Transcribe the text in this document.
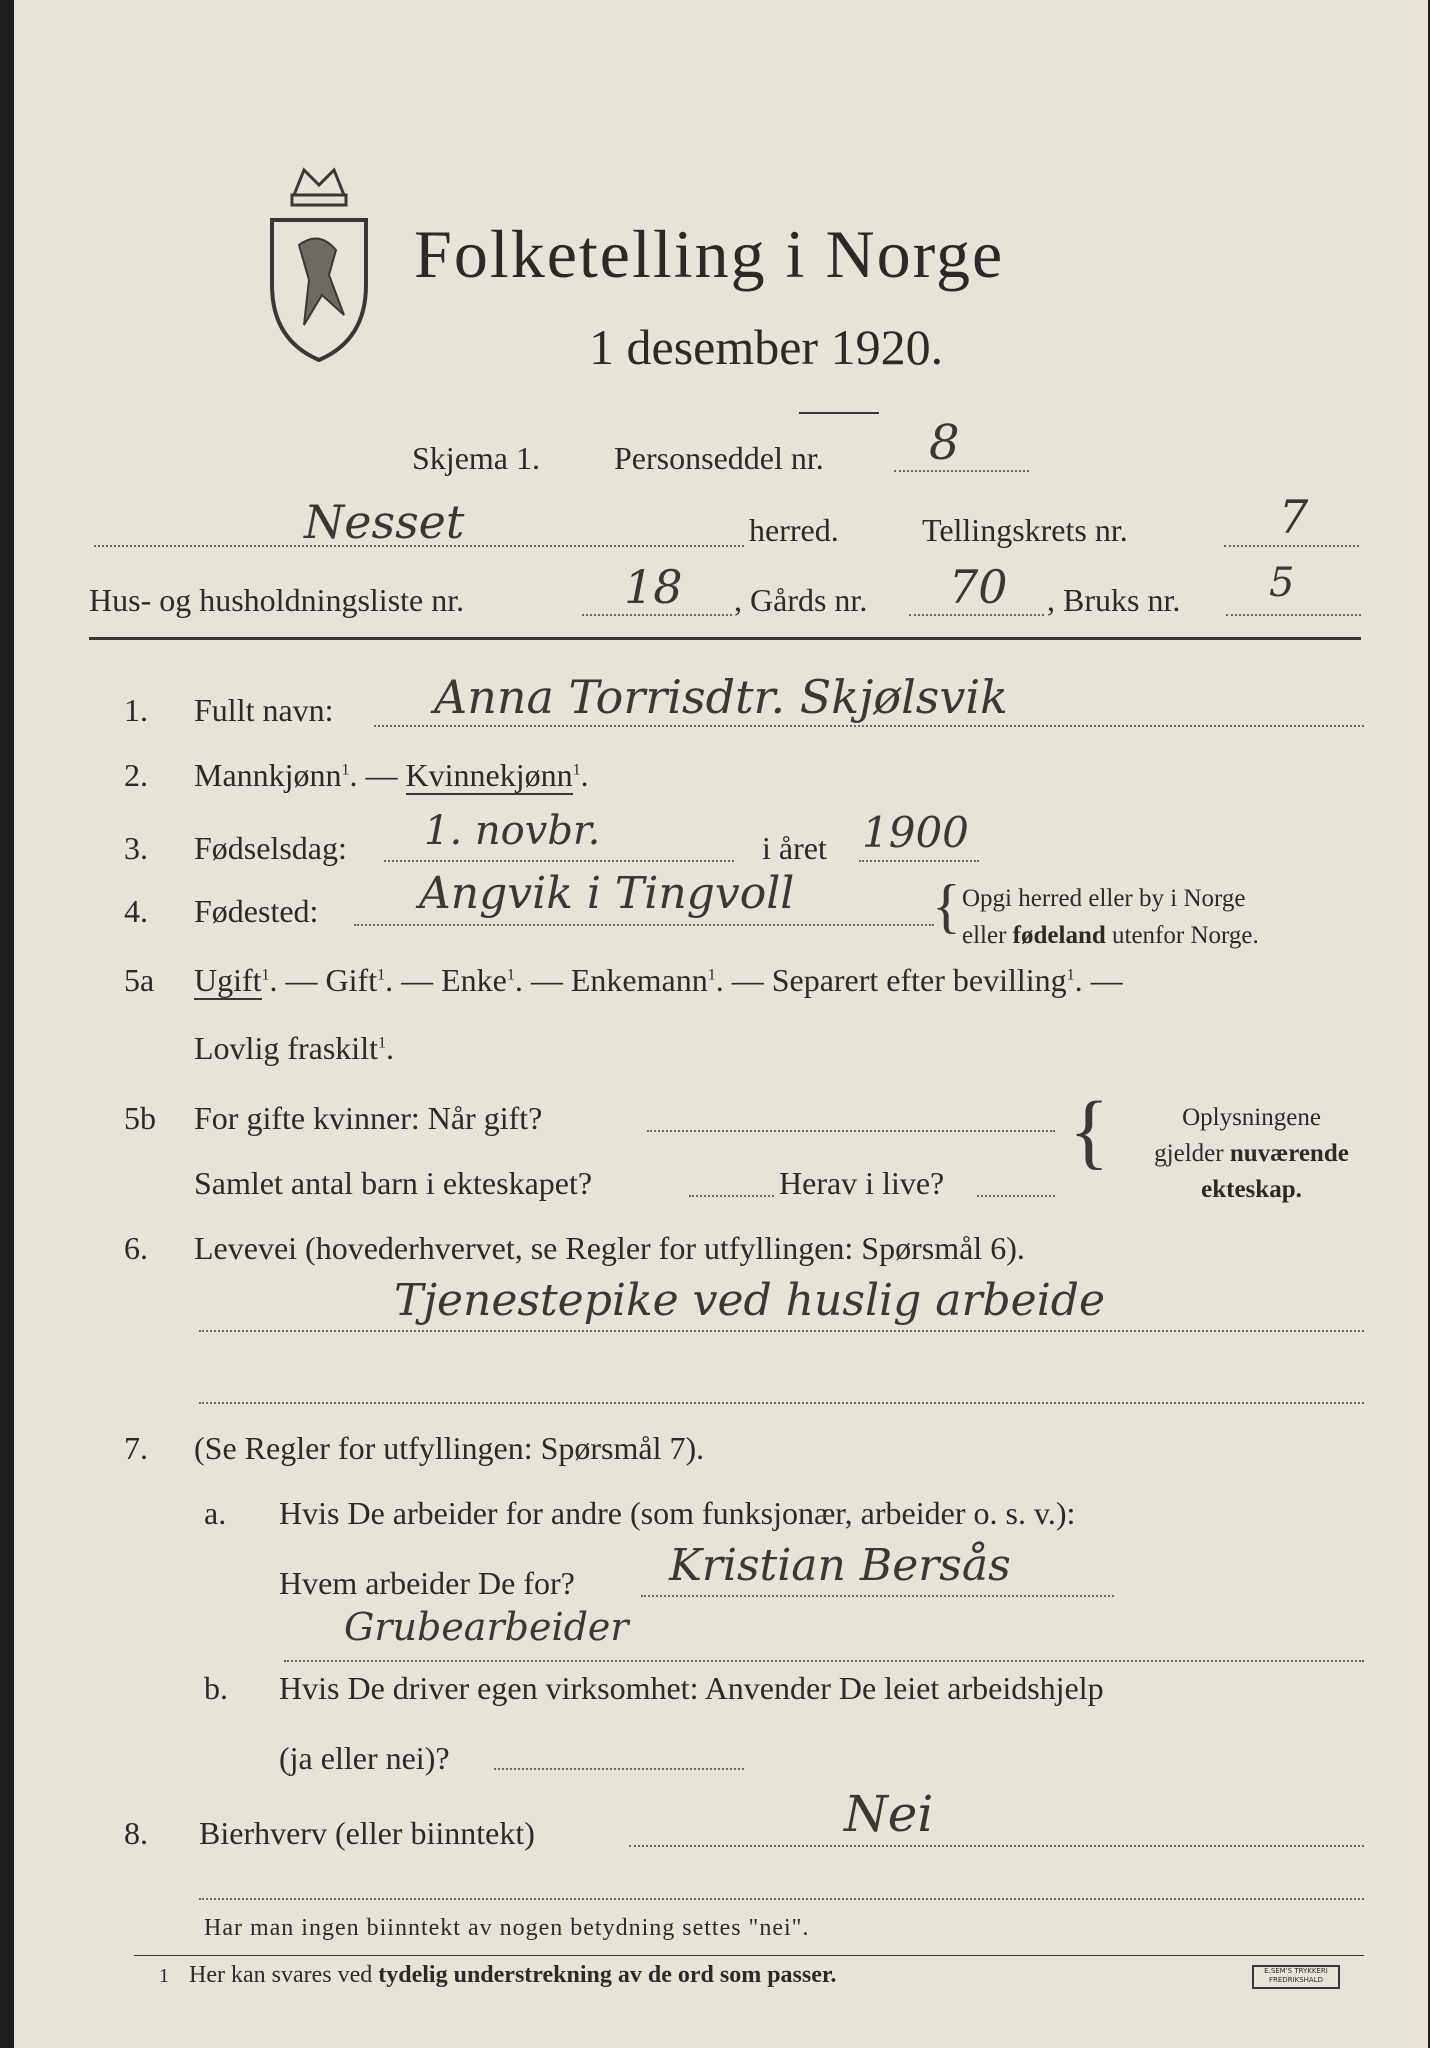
Folketelling i Norge
1 desember 1920.
Skjema 1. Personseddel nr. 8
Nesset	herred.	Tellingskrets nr.	7
Hus- og husholdningsliste nr.	18 , Gårds nr. 70 , Bruks nr. 5
1. Fullt navn: Anna Torrisdtr. Skjølsvik
2. Mannkjønn$^1$. — Kvinnekjønn$^1$.
3. Fødselsdag: 1. novbr.	i året 1900
4. Fødested: Angvik i Tingvoll { Opgi herred eller by i Norge
eller fødeland utenfor Norge.
5a Ugift$^1$. — Gift$^1$. — Enke$^1$. — Enkemann$^1$. — Separert efter bevilling$^1$. —
Lovlig fraskilt$^1$.
5b For gifte kvinner: Når gift?
Samlet antal barn i ekteskapet?	Herav i live?
{	Oplysningene
gjelder nuværende
ekteskap.
6. Levevei (hovederhvervet, se Regler for utfyllingen: Spørsmål 6).
Tjenestepike ved huslig arbeide
7. (Se Regler for utfyllingen: Spørsmål 7).
a. Hvis De arbeider for andre (som funksjonær, arbeider o. s. v.):
Hvem arbeider De for? Kristian Bersås
Grubearbeider
b. Hvis De driver egen virksomhet: Anvender De leiet arbeidshjelp
(ja eller nei)?
8. Bierhverv (eller biinntekt)	Nei
Har man ingen biinntekt av nogen betydning settes "nei".
1 Her kan svares ved tydelig understrekning av de ord som passer.	E.SEM'S TRYKKERI
FREDRIKSHALD
